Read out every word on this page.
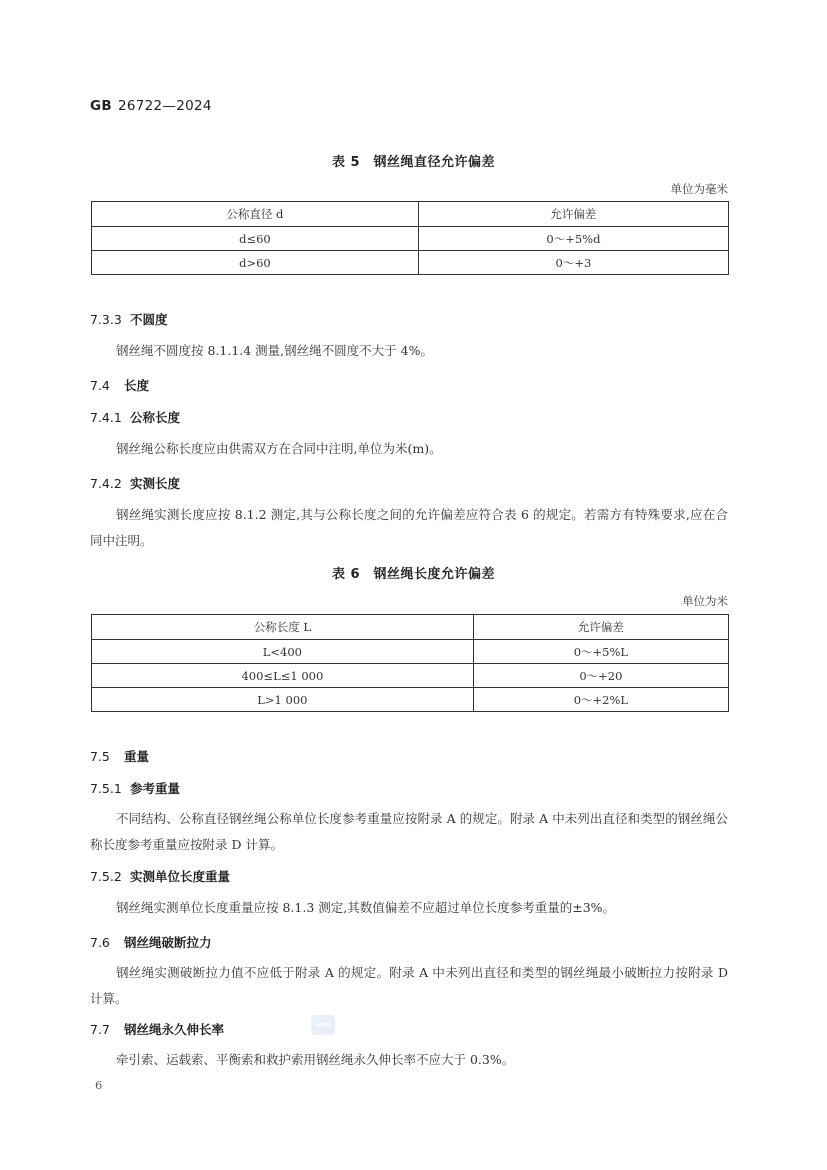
GB 26722—2024
表 5　钢丝绳直径允许偏差
单位为毫米
公称直径 d	允许偏差
d≤60	0～+5%d
d>60	0～+3
7.3.3 不圆度
钢丝绳不圆度按 8.1.1.4 测量,钢丝绳不圆度不大于 4%。
7.4 长度
7.4.1 公称长度
钢丝绳公称长度应由供需双方在合同中注明,单位为米(m)。
7.4.2 实测长度
钢丝绳实测长度应按 8.1.2 测定,其与公称长度之间的允许偏差应符合表 6 的规定。若需方有特殊要求,应在合同中注明。
表 6　钢丝绳长度允许偏差
单位为米
公称长度 L	允许偏差
L<400	0～+5%L
400≤L≤1 000	0～+20
L>1 000	0～+2%L
7.5 重量
7.5.1 参考重量
不同结构、公称直径钢丝绳公称单位长度参考重量应按附录 A 的规定。附录 A 中未列出直径和类型的钢丝绳公称长度参考重量应按附录 D 计算。
7.5.2 实测单位长度重量
钢丝绳实测单位长度重量应按 8.1.3 测定,其数值偏差不应超过单位长度参考重量的±3%。
7.6 钢丝绳破断拉力
钢丝绳实测破断拉力值不应低于附录 A 的规定。附录 A 中未列出直径和类型的钢丝绳最小破断拉力按附录 D 计算。
7.7 钢丝绳永久伸长率
牵引索、运载索、平衡索和救护索用钢丝绳永久伸长率不应大于 0.3%。
6
